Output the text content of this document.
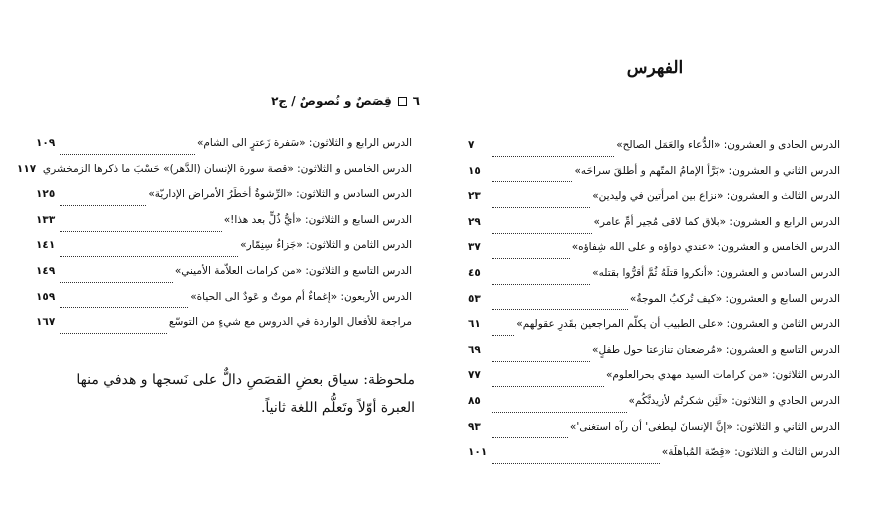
الفهرس
٦
قِصَصٌ و نُصوصٌ / ج٢
الدرس الحادى و العشرون: «الدُّعاء والعَمَل الصالح»
٧
الدرس الثاني و العشرون: «بَرَّأ الإمامُ المتّهم و أطلقَ سراحَه»
١٥
الدرس الثالث و العشرون: «نزاع بين امرأتين في وليدين»
٢٣
الدرس الرابع و العشرون: «بلاق كما لاقى مُجير أمِّ عامر»
٢٩
الدرس الخامس و العشرون: «عندي دواؤه و على الله شِفاؤه»
٣٧
الدرس السادس و العشرون: «أنكروا قتلَهُ ثُمَّ أقرُّوا بقتله»
٤٥
الدرس السابع و العشرون: «كيف تُركبُ الموجةُ»
٥٣
الدرس الثامن و العشرون: «على الطبيب أن يكلّم المراجعين بقَدرِ عقولهم»
٦١
الدرس التاسع و العشرون: «مُرضعتان تنازعتا حول طفلٍ»
٦٩
الدرس الثلاثون: «من كرامات السيد مهدي بحرالعلوم»
٧٧
الدرس الحادي و الثلاثون: «لَئِن شكرتُم لأزيدنَّكُم»
٨٥
الدرس الثاني و الثلاثون: «إنَّ الإنسانَ ليطغى' أن رآه استغنى'»
٩٣
الدرس الثالث و الثلاثون: «قِصّة المُباهلَة»
١٠١
الدرس الرابع و الثلاثون: «سَفرة زَعترٍ الى الشام»
١٠٩
الدرس الخامس و الثلاثون: «قصة سورة الإنسان (الدَّهر)» حَسْبَ ما ذكرها الزمخشري
١١٧
الدرس السادس و الثلاثون: «الرِّشوةُ أخطَرُ الأمراض الإداريّة»
١٢٥
الدرس السابع و الثلاثون: «أيُّ ذُلٍّ بعد هذا!»
١٣٣
الدرس الثامن و الثلاثون: «جَزاءُ سِنِمّار»
١٤١
الدرس التاسع و الثلاثون: «من كرامات العلاّمة الأميني»
١٤٩
الدرس الأربعون: «إغماءٌ أم موتٌ و عَودٌ الى الحياة»
١٥٩
مراجعة للأفعال الواردة في الدروس مع شيءٍ من التوسّع
١٦٧
ملحوظة: سياق بعضِ القصَصِ دالٌّ على نَسجها و هدفي منها العبرة أوّلاً وتَعلُّم اللغة ثانياً.
